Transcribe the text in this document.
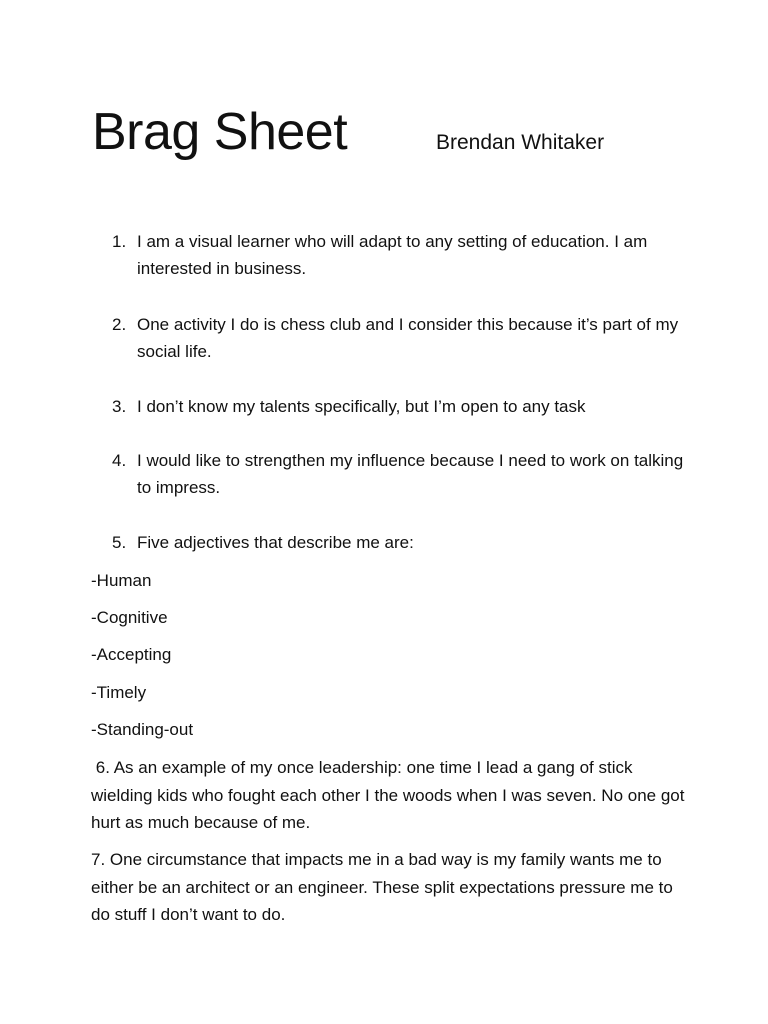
Brag Sheet	Brendan Whitaker
1. I am a visual learner who will adapt to any setting of education. I am interested in business.
2. One activity I do is chess club and I consider this because it’s part of my social life.
3. I don’t know my talents specifically, but I’m open to any task
4. I would like to strengthen my influence because I need to work on talking to impress.
5. Five adjectives that describe me are:
-Human
-Cognitive
-Accepting
-Timely
-Standing-out
6. As an example of my once leadership: one time I lead a gang of stick wielding kids who fought each other I the woods when I was seven. No one got hurt as much because of me.
7. One circumstance that impacts me in a bad way is my family wants me to either be an architect or an engineer. These split expectations pressure me to do stuff I don’t want to do.
